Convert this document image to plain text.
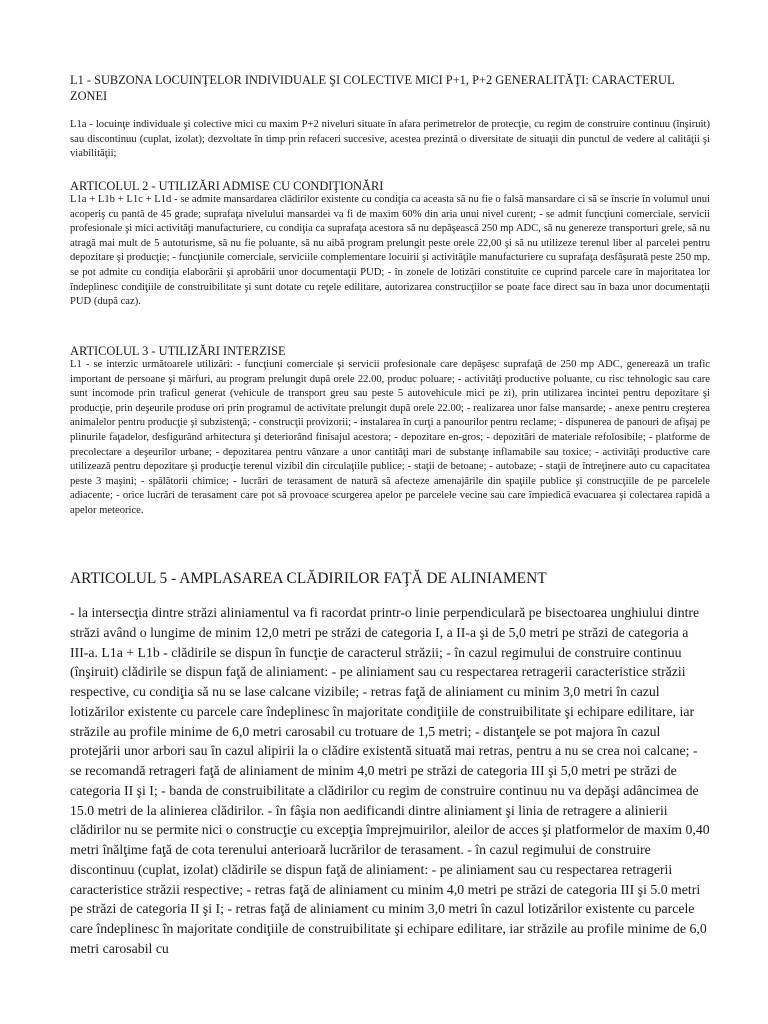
L1 - SUBZONA LOCUINŢELOR INDIVIDUALE ŞI COLECTIVE MICI P+1, P+2 GENERALITĂŢI: CARACTERUL ZONEI

L1a - locuinţe individuale şi colective mici cu maxim P+2 niveluri situate în afara perimetrelor de protecţie, cu regim de construire continuu (înşiruit) sau discontinuu (cuplat, izolat); dezvoltate în timp prin refaceri succesive, acestea prezintă o diversitate de situaţii din punctul de vedere al calităţii şi viabilităţii;

ARTICOLUL 2 - UTILIZĂRI ADMISE CU CONDIŢIONĂRI

L1a + L1b + L1c + L1d - se admite mansardarea clădirilor existente cu condiţia ca aceasta să nu fie o falsă mansardare ci să se înscrie în volumul unui acoperiş cu pantă de 45 grade; suprafaţa nivelului mansardei va fi de maxim 60% din aria unui nivel curent; - se admit funcţiuni comerciale, servicii profesionale şi mici activităţi manufacturiere, cu condiţia ca suprafaţa acestora să nu depăşească 250 mp ADC, să nu genereze transporturi grele, să nu atragă mai mult de 5 autoturisme, să nu fie poluante, să nu aibă program prelungit peste orele 22,00 şi să nu utilizeze terenul liber al parcelei pentru depozitare şi producţie; - funcţiunile comerciale, serviciile complementare locuirii şi activităţile manufacturiere cu suprafaţa desfăşurată peste 250 mp. se pot admite cu condiţia elaborării şi aprobării unor documentaţii PUD; - în zonele de lotizări constituite ce cuprind parcele care în majoritatea lor îndeplinesc condiţiile de construibilitate şi sunt dotate cu reţele edilitare, autorizarea construcţiilor se poate face direct sau în baza unor documentaţii PUD (după caz).

ARTICOLUL 3 - UTILIZĂRI INTERZISE

L1 - se interzic următoarele utilizări: - funcţiuni comerciale şi servicii profesionale care depăşesc suprafaţă de 250 mp ADC, generează un trafic important de persoane şi mărfuri, au program prelungit după orele 22.00, produc poluare; - activităţi productive poluante, cu risc tehnologic sau care sunt incomode prin traficul generat (vehicule de transport greu sau peste 5 autovehicule mici pe zi), prin utilizarea incintei pentru depozitare şi producţie, prin deşeurile produse ori prin programul de activitate prelungit după orele 22.00; - realizarea unor false mansarde; - anexe pentru creşterea animalelor pentru producţie şi subzistenţă; - construcţii provizorii; - instalarea în curţi a panourilor pentru reclame; - dispunerea de panouri de afişaj pe plinurile faţadelor, desfigurând arhitectura şi deteriorând finisajul acestora; - depozitare en-gros; - depozitări de materiale refolosibile; - platforme de precolectare a deşeurilor urbane; - depozitarea pentru vânzare a unor cantităţi mari de substanţe inflamabile sau toxice; - activităţi productive care utilizează pentru depozitare şi producţie terenul vizibil din circulaţiile publice; - staţii de betoane; - autobaze; - staţii de întreţinere auto cu capacitatea peste 3 maşini; - spălătorii chimice; - lucrări de terasament de natură să afecteze amenajările din spaţiile publice şi construcţiile de pe parcelele adiacente; - orice lucrări de terasament care pot să provoace scurgerea apelor pe parcelele vecine sau care împiedică evacuarea şi colectarea rapidă a apelor meteorice.

ARTICOLUL 5 - AMPLASAREA CLĂDIRILOR FAŢĂ DE ALINIAMENT

- la intersecţia dintre străzi aliniamentul va fi racordat printr-o linie perpendiculară pe bisectoarea unghiului dintre străzi având o lungime de minim 12,0 metri pe străzi de categoria I, a II-a şi de 5,0 metri pe străzi de categoria a III-a. L1a + L1b - clădirile se dispun în funcţie de caracterul străzii; - în cazul regimului de construire continuu (înşiruit) clădirile se dispun faţă de aliniament: - pe aliniament sau cu respectarea retragerii caracteristice străzii respective, cu condiţia să nu se lase calcane vizibile; - retras faţă de aliniament cu minim 3,0 metri în cazul lotizărilor existente cu parcele care îndeplinesc în majoritate condiţiile de construibilitate şi echipare edilitare, iar străzile au profile minime de 6,0 metri carosabil cu trotuare de 1,5 metri; - distanţele se pot majora în cazul protejării unor arbori sau în cazul alipirii la o clădire existentă situată mai retras, pentru a nu se crea noi calcane; - se recomandă retrageri faţă de aliniament de minim 4,0 metri pe străzi de categoria III şi 5,0 metri pe străzi de categoria II şi I; - banda de construibilitate a clădirilor cu regim de construire continuu nu va depăşi adâncimea de 15.0 metri de la alinierea clădirilor. - în fâşia non aedificandi dintre aliniament şi linia de retragere a alinierii clădirilor nu se permite nici o construcţie cu excepţia împrejmuirilor, aleilor de acces şi platformelor de maxim 0,40 metri înălţime faţă de cota terenului anterioară lucrărilor de terasament. - în cazul regimului de construire discontinuu (cuplat, izolat) clădirile se dispun faţă de aliniament: - pe aliniament sau cu respectarea retragerii caracteristice străzii respective; - retras faţă de aliniament cu minim 4,0 metri pe străzi de categoria III şi 5.0 metri pe străzi de categoria II şi I; - retras faţă de aliniament cu minim 3,0 metri în cazul lotizărilor existente cu parcele care îndeplinesc în majoritate condiţiile de construibilitate şi echipare edilitare, iar străzile au profile minime de 6,0 metri carosabil cu
